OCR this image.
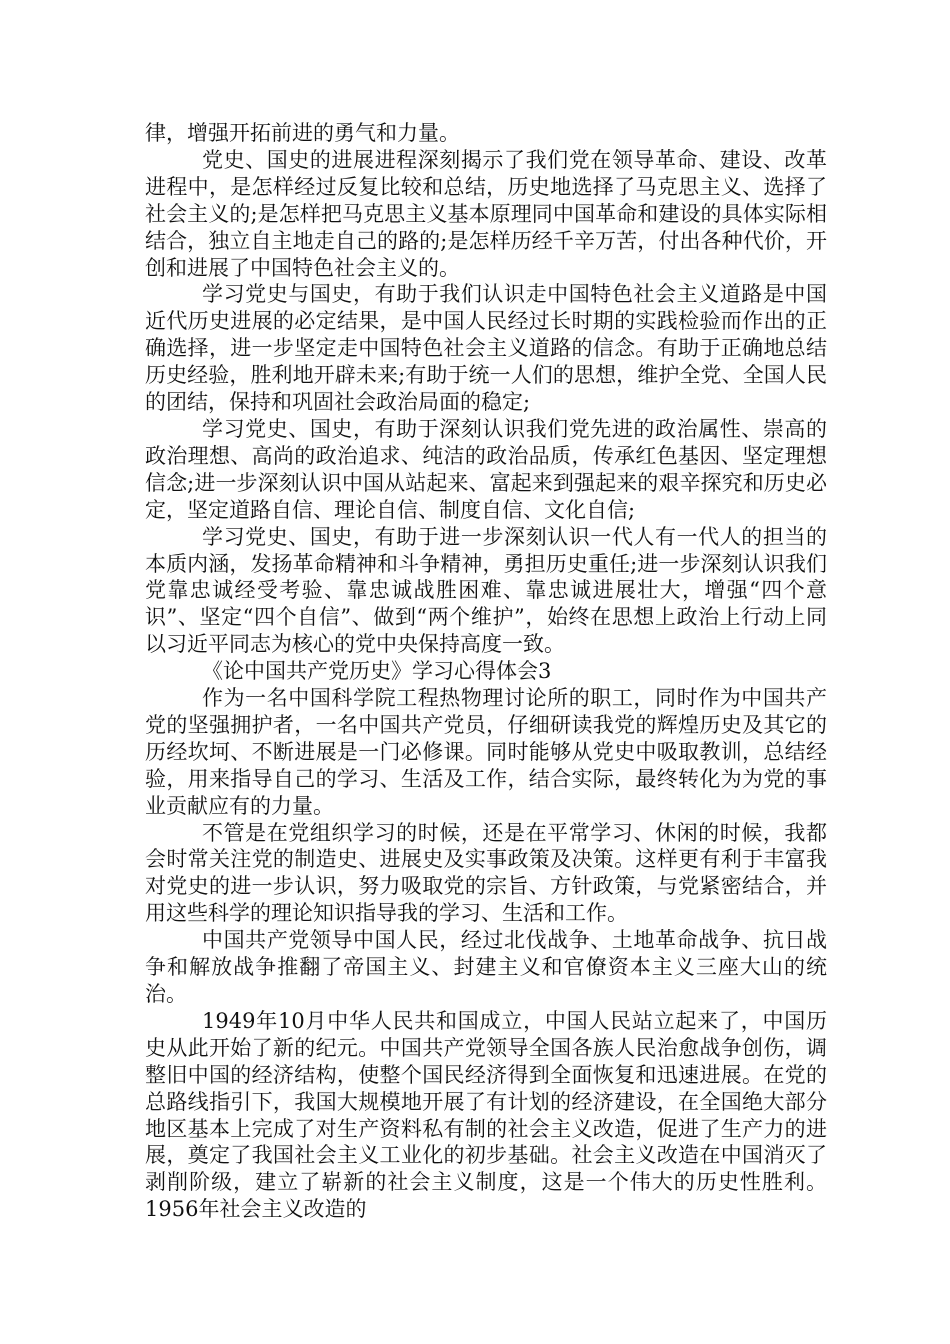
律，增强开拓前进的勇气和力量。

党史、国史的进展进程深刻揭示了我们党在领导革命、建设、改革进程中，是怎样经过反复比较和总结，历史地选择了马克思主义、选择了社会主义的;是怎样把马克思主义基本原理同中国革命和建设的具体实际相结合，独立自主地走自己的路的;是怎样历经千辛万苦，付出各种代价，开创和进展了中国特色社会主义的。

学习党史与国史，有助于我们认识走中国特色社会主义道路是中国近代历史进展的必定结果，是中国人民经过长时期的实践检验而作出的正确选择，进一步坚定走中国特色社会主义道路的信念。有助于正确地总结历史经验，胜利地开辟未来;有助于统一人们的思想，维护全党、全国人民的团结，保持和巩固社会政治局面的稳定;

学习党史、国史，有助于深刻认识我们党先进的政治属性、崇高的政治理想、高尚的政治追求、纯洁的政治品质，传承红色基因、坚定理想信念;进一步深刻认识中国从站起来、富起来到强起来的艰辛探究和历史必定，坚定道路自信、理论自信、制度自信、文化自信;

学习党史、国史，有助于进一步深刻认识一代人有一代人的担当的本质内涵，发扬革命精神和斗争精神，勇担历史重任;进一步深刻认识我们党靠忠诚经受考验、靠忠诚战胜困难、靠忠诚进展壮大，增强“四个意识”、坚定“四个自信”、做到“两个维护”，始终在思想上政治上行动上同以习近平同志为核心的党中央保持高度一致。

《论中国共产党历史》学习心得体会3

作为一名中国科学院工程热物理讨论所的职工，同时作为中国共产党的坚强拥护者，一名中国共产党员，仔细研读我党的辉煌历史及其它的历经坎坷、不断进展是一门必修课。同时能够从党史中吸取教训，总结经验，用来指导自己的学习、生活及工作，结合实际，最终转化为为党的事业贡献应有的力量。

不管是在党组织学习的时候，还是在平常学习、休闲的时候，我都会时常关注党的制造史、进展史及实事政策及决策。这样更有利于丰富我对党史的进一步认识，努力吸取党的宗旨、方针政策，与党紧密结合，并用这些科学的理论知识指导我的学习、生活和工作。

中国共产党领导中国人民，经过北伐战争、土地革命战争、抗日战争和解放战争推翻了帝国主义、封建主义和官僚资本主义三座大山的统治。

1949年10月中华人民共和国成立，中国人民站立起来了，中国历史从此开始了新的纪元。中国共产党领导全国各族人民治愈战争创伤，调整旧中国的经济结构，使整个国民经济得到全面恢复和迅速进展。在党的总路线指引下，我国大规模地开展了有计划的经济建设，在全国绝大部分地区基本上完成了对生产资料私有制的社会主义改造，促进了生产力的进展，奠定了我国社会主义工业化的初步基础。社会主义改造在中国消灭了剥削阶级，建立了崭新的社会主义制度，这是一个伟大的历史性胜利。1956年社会主义改造的
